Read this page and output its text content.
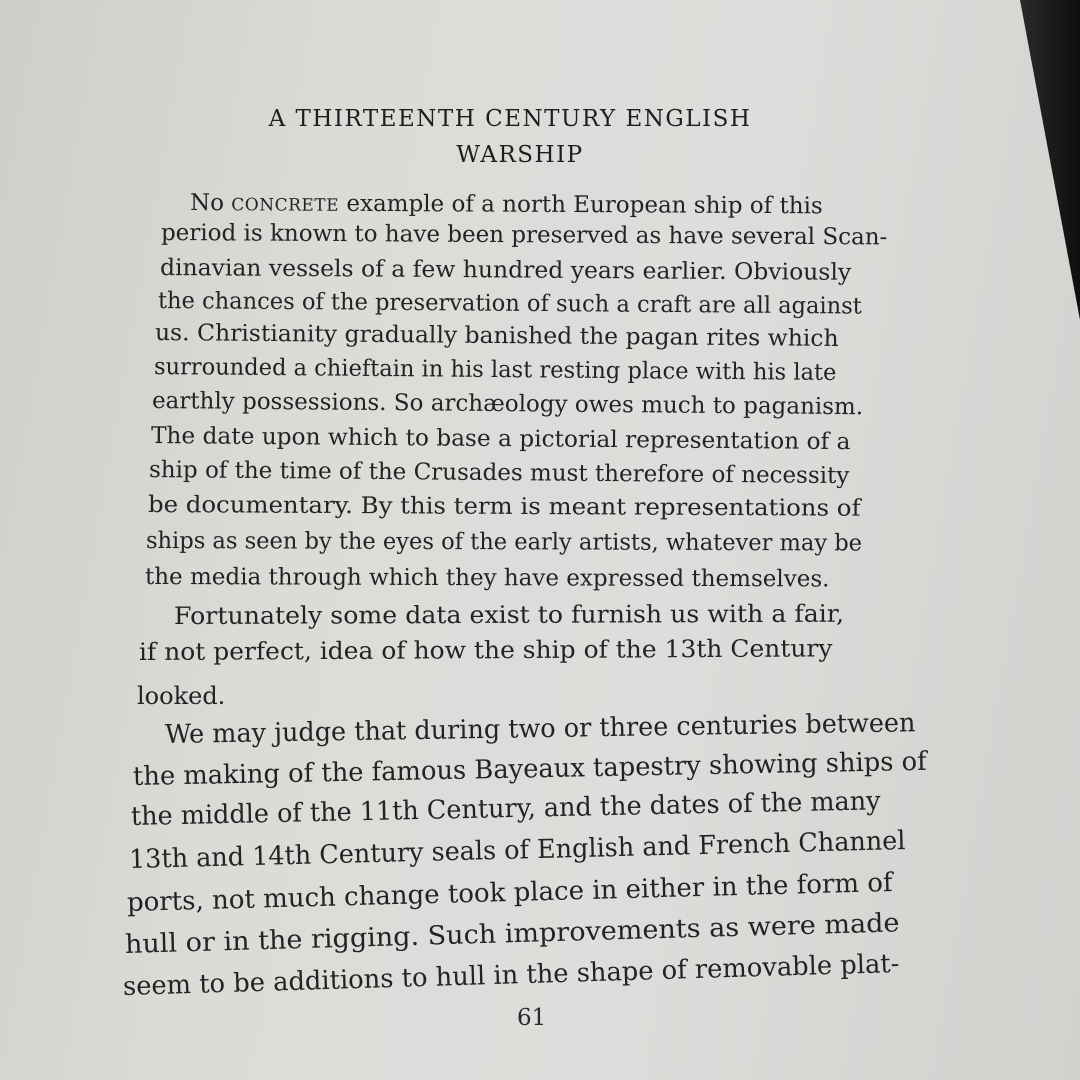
A THIRTEENTH CENTURY ENGLISH
WARSHIP
No CONCRETE example of a north European ship of this
period is known to have been preserved as have several Scan-
dinavian vessels of a few hundred years earlier. Obviously
the chances of the preservation of such a craft are all against
us. Christianity gradually banished the pagan rites which
surrounded a chieftain in his last resting place with his late
earthly possessions. So archæology owes much to paganism.
The date upon which to base a pictorial representation of a
ship of the time of the Crusades must therefore of necessity
be documentary. By this term is meant representations of
ships as seen by the eyes of the early artists, whatever may be
the media through which they have expressed themselves.
Fortunately some data exist to furnish us with a fair,
if not perfect, idea of how the ship of the 13th Century
looked.
We may judge that during two or three centuries between
the making of the famous Bayeaux tapestry showing ships of
the middle of the 11th Century, and the dates of the many
13th and 14th Century seals of English and French Channel
ports, not much change took place in either in the form of
hull or in the rigging. Such improvements as were made
seem to be additions to hull in the shape of removable plat-
61
